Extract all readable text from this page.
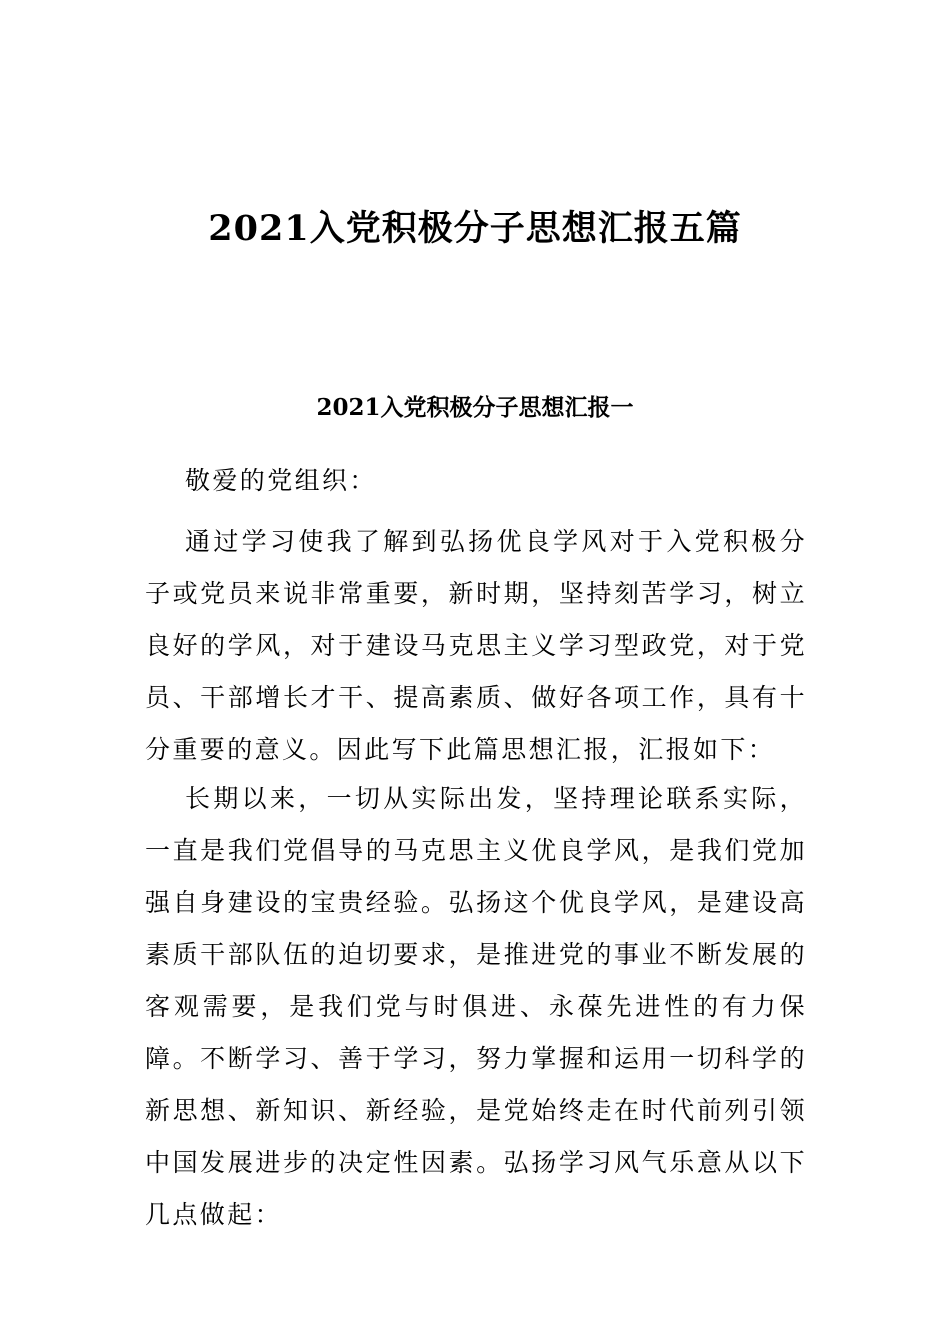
2021入党积极分子思想汇报五篇
2021入党积极分子思想汇报一

敬爱的党组织：

通过学习使我了解到弘扬优良学风对于入党积极分子或党员来说非常重要，新时期，坚持刻苦学习，树立良好的学风，对于建设马克思主义学习型政党，对于党员、干部增长才干、提高素质、做好各项工作，具有十分重要的意义。因此写下此篇思想汇报，汇报如下：

长期以来，一切从实际出发，坚持理论联系实际，一直是我们党倡导的马克思主义优良学风，是我们党加强自身建设的宝贵经验。弘扬这个优良学风，是建设高素质干部队伍的迫切要求，是推进党的事业不断发展的客观需要，是我们党与时俱进、永葆先进性的有力保障。不断学习、善于学习，努力掌握和运用一切科学的新思想、新知识、新经验，是党始终走在时代前列引领中国发展进步的决定性因素。弘扬学习风气乐意从以下几点做起：
